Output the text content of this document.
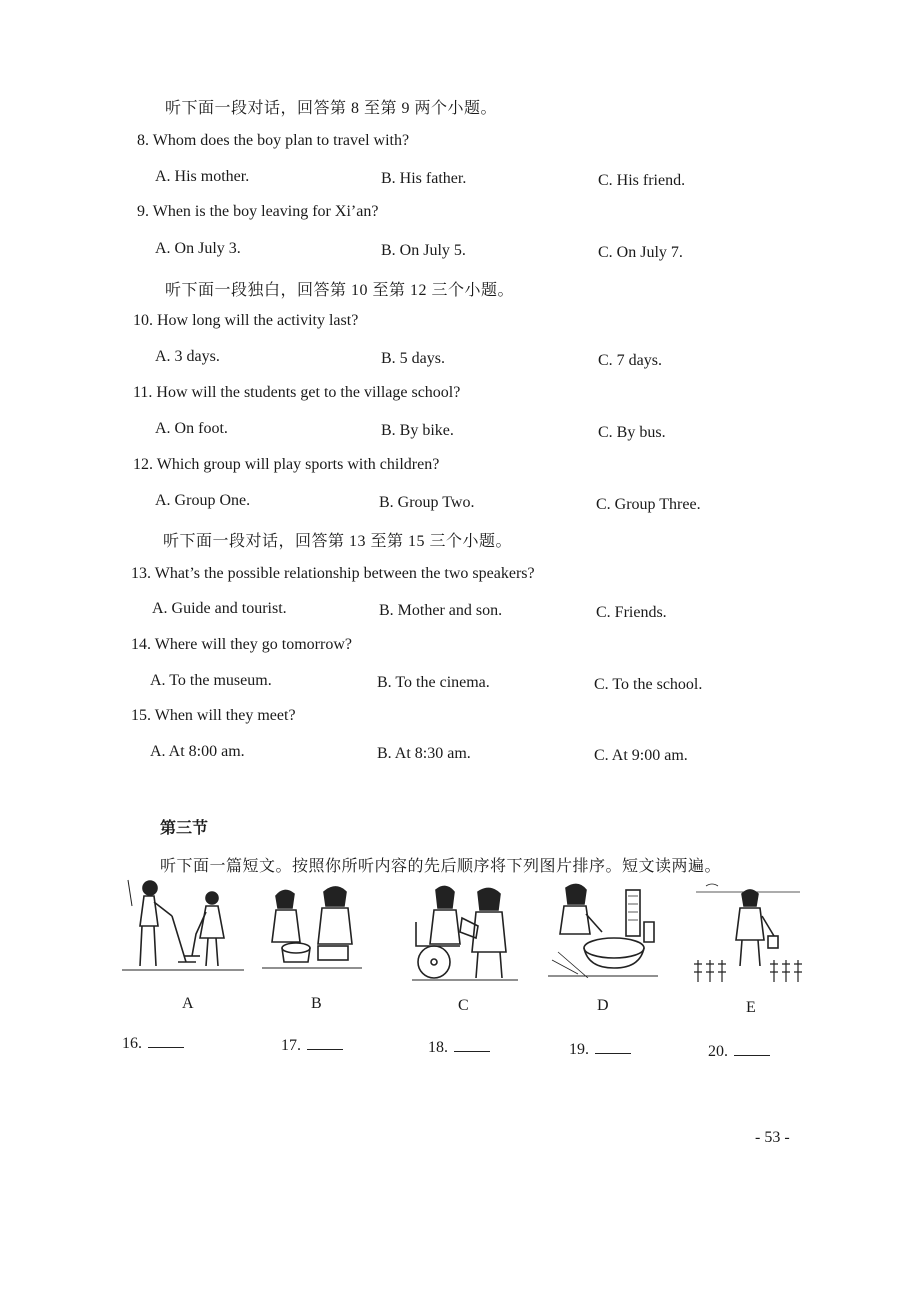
听下面一段对话，回答第 8 至第 9 两个小题。
8. Whom does the boy plan to travel with?
A. His mother.	B. His father.	C. His friend.
9. When is the boy leaving for Xi’an?
A. On July 3.	B. On July 5.	C. On July 7.
听下面一段独白，回答第 10 至第 12 三个小题。
10. How long will the activity last?
A. 3 days.	B. 5 days.	C. 7 days.
11. How will the students get to the village school?
A. On foot.	B. By bike.	C. By bus.
12. Which group will play sports with children?
A. Group One.	B. Group Two.	C. Group Three.
听下面一段对话，回答第 13 至第 15 三个小题。
13. What’s the possible relationship between the two speakers?
A. Guide and tourist.	B. Mother and son.	C. Friends.
14. Where will they go tomorrow?
A. To the museum.	B. To the cinema.	C. To the school.
15. When will they meet?
A. At 8:00 am.	B. At 8:30 am.	C. At 9:00 am.
第三节
听下面一篇短文。按照你所听内容的先后顺序将下列图片排序。短文读两遍。
A	B	C	D	E
16.	17.	18.	19.	20.
- 53 -
